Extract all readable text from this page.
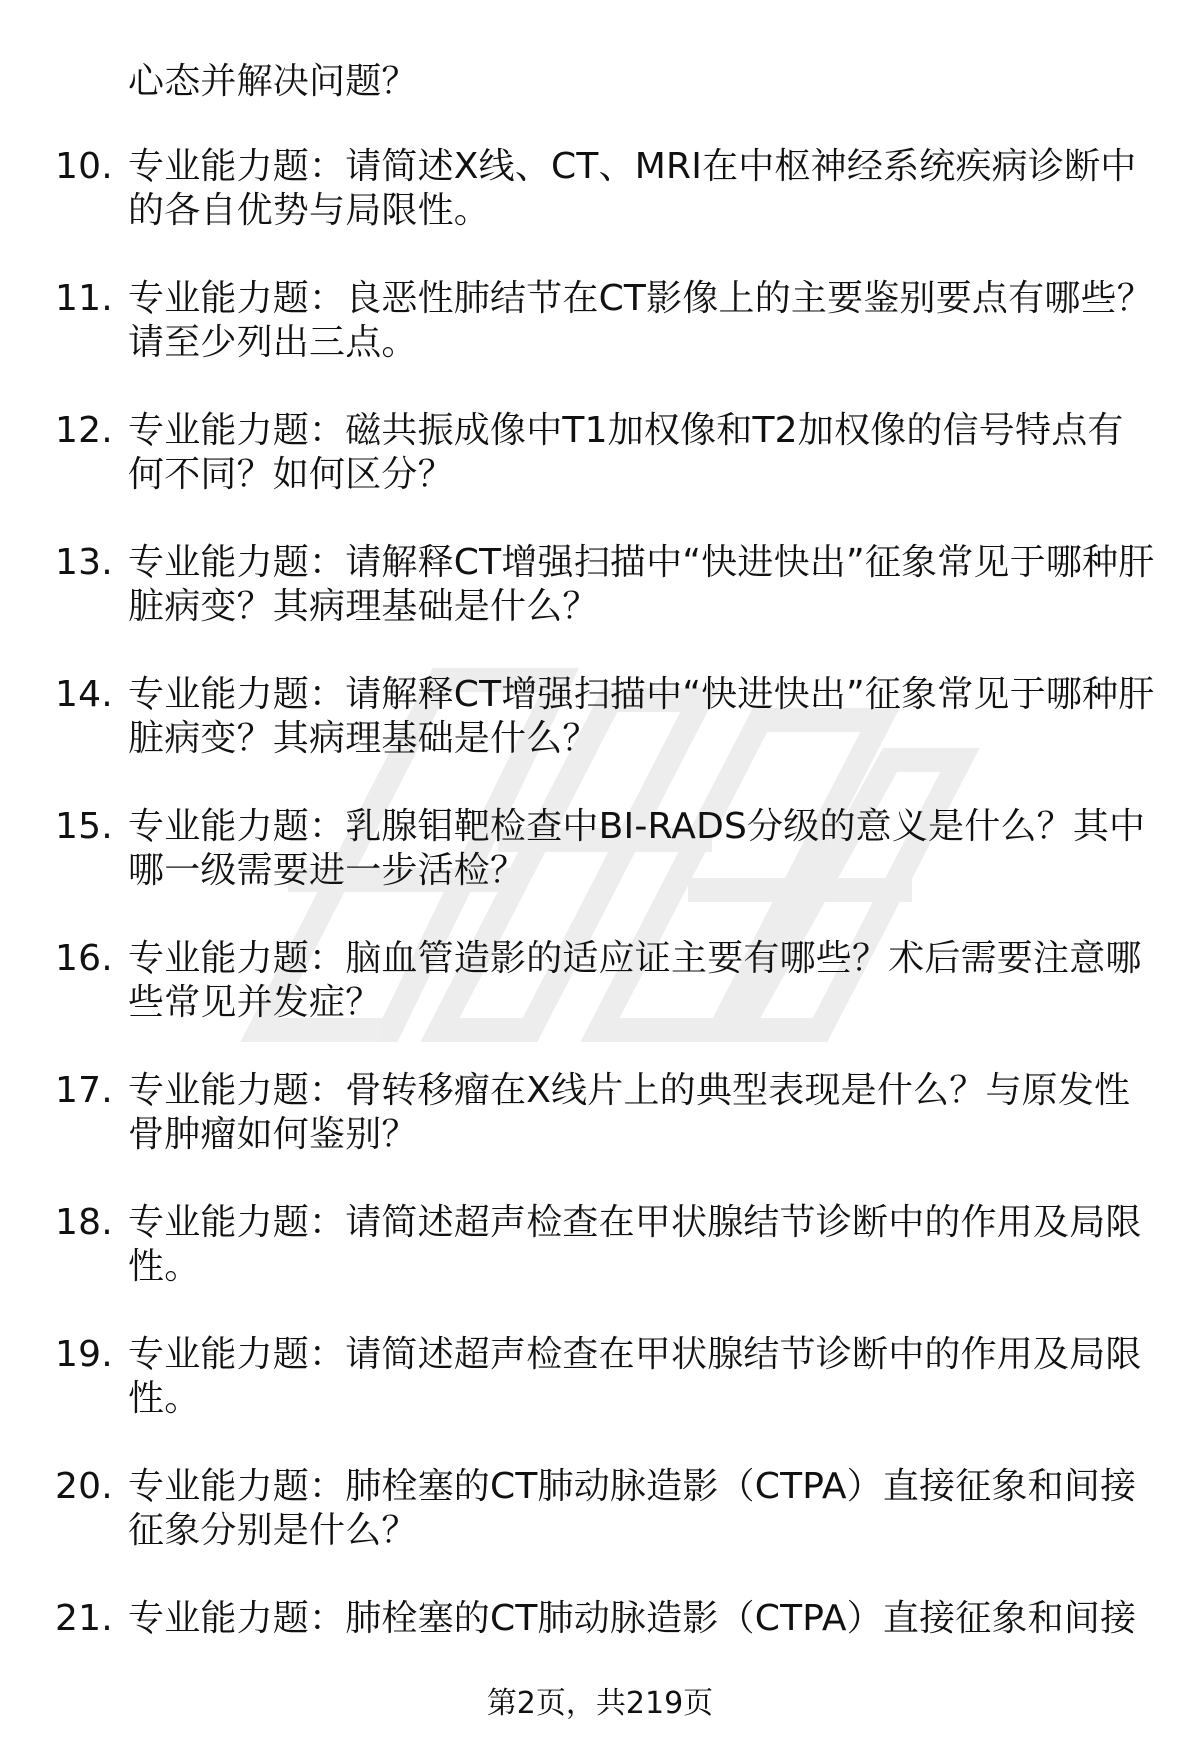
心态并解决问题？
10. 专业能力题：请简述X线、CT、MRI在中枢神经系统疾病诊断中的各自优势与局限性。
11. 专业能力题：良恶性肺结节在CT影像上的主要鉴别要点有哪些？请至少列出三点。
12. 专业能力题：磁共振成像中T1加权像和T2加权像的信号特点有何不同？如何区分？
13. 专业能力题：请解释CT增强扫描中“快进快出”征象常见于哪种肝脏病变？其病理基础是什么？
14. 专业能力题：请解释CT增强扫描中“快进快出”征象常见于哪种肝脏病变？其病理基础是什么？
15. 专业能力题：乳腺钼靶检查中BI-RADS分级的意义是什么？其中哪一级需要进一步活检？
16. 专业能力题：脑血管造影的适应证主要有哪些？术后需要注意哪些常见并发症？
17. 专业能力题：骨转移瘤在X线片上的典型表现是什么？与原发性骨肿瘤如何鉴别？
18. 专业能力题：请简述超声检查在甲状腺结节诊断中的作用及局限性。
19. 专业能力题：请简述超声检查在甲状腺结节诊断中的作用及局限性。
20. 专业能力题：肺栓塞的CT肺动脉造影（CTPA）直接征象和间接征象分别是什么？
21. 专业能力题：肺栓塞的CT肺动脉造影（CTPA）直接征象和间接
第2页，共219页
